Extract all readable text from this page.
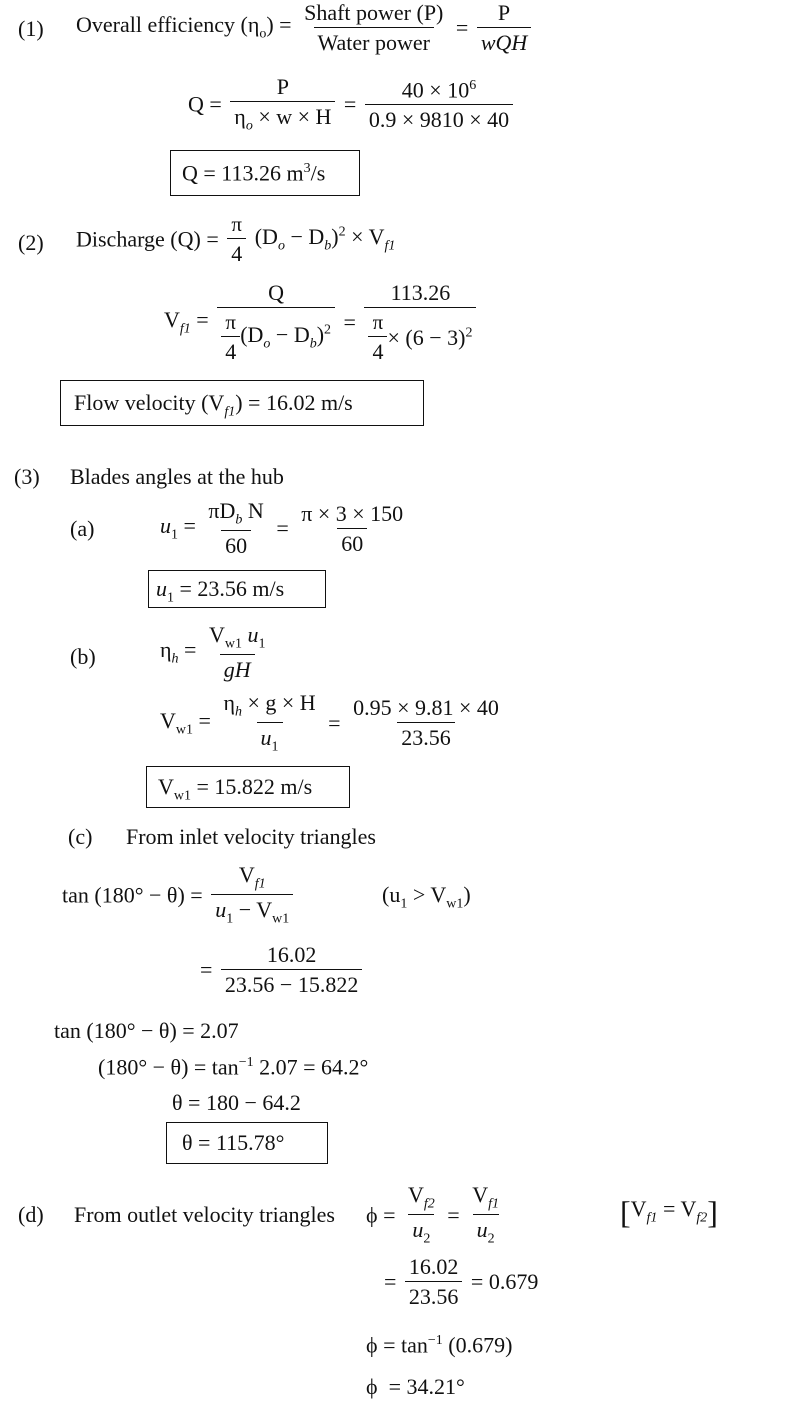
(1) Overall efficiency $(\eta_o) = \frac{\text{Shaft power (P)}}{\text{Water power}} = \frac{P}{\text{wQH}}$
$Q = \frac{P}{\eta_o \times w \times H} = \frac{40 \times 10^6}{0.9 \times 9810 \times 40}$
Q = 113.26 $m^3/s$
(2) Discharge $(Q) = \frac{\pi}{4} (D_o - D_b)^2 \times V_{f1}$
$V_{f1} = \frac{Q}{\frac{\pi}{4} (D_o - D_b)^2} = \frac{113.26}{\frac{\pi}{4} \times (6 - 3)^2}$
Flow velocity $(V_{f1}) = 16.02$ m/s
(3) Blades angles at the hub
(a)	$u_1 = \frac{\pi D_b N}{60} = \frac{\pi \times 3 \times 150}{60}$
$u_1 = 23.56$ m/s
(b)	$\eta_h = \frac{V_{w1} u_1}{gH}$
$V_{w1} = \frac{\eta_h \times g \times H}{u_1} = \frac{0.95 \times 9.81 \times 40}{23.56}$
$V_{w1} = 15.822$ m/s
(c) From inlet velocity triangles
$\tan (180^\circ - \theta) = \frac{V_{f1}}{u_1 - V_{w1}}$	$(u_1 > V_{w1})$
= $\frac{16.02}{23.56 - 15.822}$
tan (180° − θ) = 2.07
$(180^\circ - \theta) = \tan^{-1} 2.07 = 64.2^\circ$
θ = 180 − 64.2
θ = 115.78°
(d) From outlet velocity triangles $\phi = \frac{V_{f2}}{u_2} = \frac{V_{f1}}{u_2}$	$[V_{f1} = V_{f2}]$
= $\frac{16.02}{23.56} = 0.679$
$\phi = \tan^{-1} (0.679)$
ϕ  = 34.21°
